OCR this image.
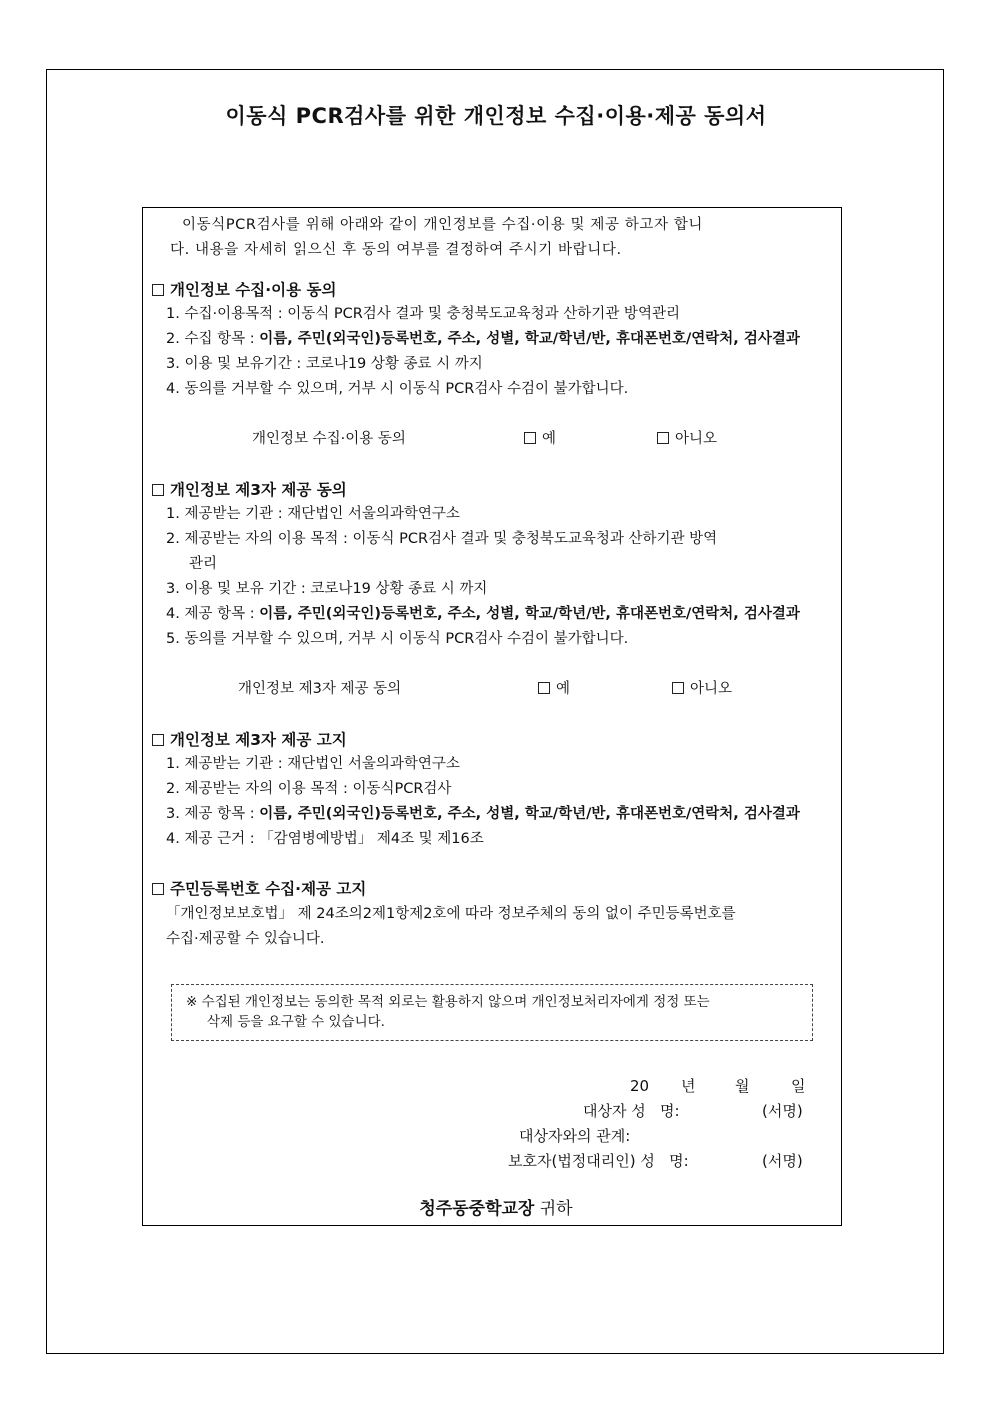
이동식 PCR검사를 위한 개인정보 수집·이용·제공 동의서
이동식PCR검사를 위해 아래와 같이 개인정보를 수집·이용 및 제공 하고자 합니
다. 내용을 자세히 읽으신 후 동의 여부를 결정하여 주시기 바랍니다.
개인정보 수집·이용 동의
1. 수집·이용목적 : 이동식 PCR검사 결과 및 충청북도교육청과 산하기관 방역관리
2. 수집 항목 : 이름, 주민(외국인)등록번호, 주소, 성별, 학교/학년/반, 휴대폰번호/연락처, 검사결과
3. 이용 및 보유기간 : 코로나19 상황 종료 시 까지
4. 동의를 거부할 수 있으며, 거부 시 이동식 PCR검사 수검이 불가합니다.
개인정보 수집·이용 동의	예	아니오
개인정보 제3자 제공 동의
1. 제공받는 기관 : 재단법인 서울의과학연구소
2. 제공받는 자의 이용 목적 : 이동식 PCR검사 결과 및 충청북도교육청과 산하기관 방역
관리
3. 이용 및 보유 기간 : 코로나19 상황 종료 시 까지
4. 제공 항목 : 이름, 주민(외국인)등록번호, 주소, 성별, 학교/학년/반, 휴대폰번호/연락처, 검사결과
5. 동의를 거부할 수 있으며, 거부 시 이동식 PCR검사 수검이 불가합니다.
개인정보 제3자 제공 동의	예	아니오
개인정보 제3자 제공 고지
1. 제공받는 기관 : 재단법인 서울의과학연구소
2. 제공받는 자의 이용 목적 : 이동식PCR검사
3. 제공 항목 : 이름, 주민(외국인)등록번호, 주소, 성별, 학교/학년/반, 휴대폰번호/연락처, 검사결과
4. 제공 근거 : 「감염병예방법」 제4조 및 제16조
주민등록번호 수집·제공 고지
「개인정보보호법」 제 24조의2제1항제2호에 따라 정보주체의 동의 없이 주민등록번호를
수집·제공할 수 있습니다.
※ 수집된 개인정보는 동의한 목적 외로는 활용하지 않으며 개인정보처리자에게 정정 또는
삭제 등을 요구할 수 있습니다.
20 년	월	일
대상자 성   명:	(서명)
대상자와의 관계:
보호자(법정대리인) 성   명:	(서명)
청주동중학교장 귀하
